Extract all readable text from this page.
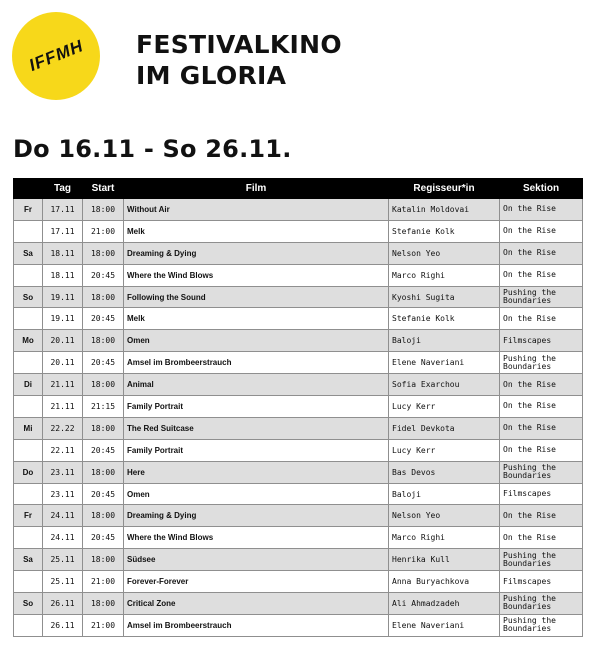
IFFMH FESTIVALKINO
IM GLORIA
Do 16.11 - So 26.11.
	Tag	Start	Film	Regisseur*in	Sektion
Fr	17.11	18:00	Without Air	Katalin Moldovai	On the Rise
	17.11	21:00	Melk	Stefanie Kolk	On the Rise
Sa	18.11	18:00	Dreaming & Dying	Nelson Yeo	On the Rise
	18.11	20:45	Where the Wind Blows	Marco Righi	On the Rise
So	19.11	18:00	Following the Sound	Kyoshi Sugita	Pushing the Boundaries
	19.11	20:45	Melk	Stefanie Kolk	On the Rise
Mo	20.11	18:00	Omen	Baloji	Filmscapes
	20.11	20:45	Amsel im Brombeerstrauch	Elene Naveriani	Pushing the Boundaries
Di	21.11	18:00	Animal	Sofia Exarchou	On the Rise
	21.11	21:15	Family Portrait	Lucy Kerr	On the Rise
Mi	22.22	18:00	The Red Suitcase	Fidel Devkota	On the Rise
	22.11	20:45	Family Portrait	Lucy Kerr	On the Rise
Do	23.11	18:00	Here	Bas Devos	Pushing the Boundaries
	23.11	20:45	Omen	Baloji	Filmscapes
Fr	24.11	18:00	Dreaming & Dying	Nelson Yeo	On the Rise
	24.11	20:45	Where the Wind Blows	Marco Righi	On the Rise
Sa	25.11	18:00	Südsee	Henrika Kull	Pushing the Boundaries
	25.11	21:00	Forever-Forever	Anna Buryachkova	Filmscapes
So	26.11	18:00	Critical Zone	Ali Ahmadzadeh	Pushing the Boundaries
	26.11	21:00	Amsel im Brombeerstrauch	Elene Naveriani	Pushing the Boundaries
